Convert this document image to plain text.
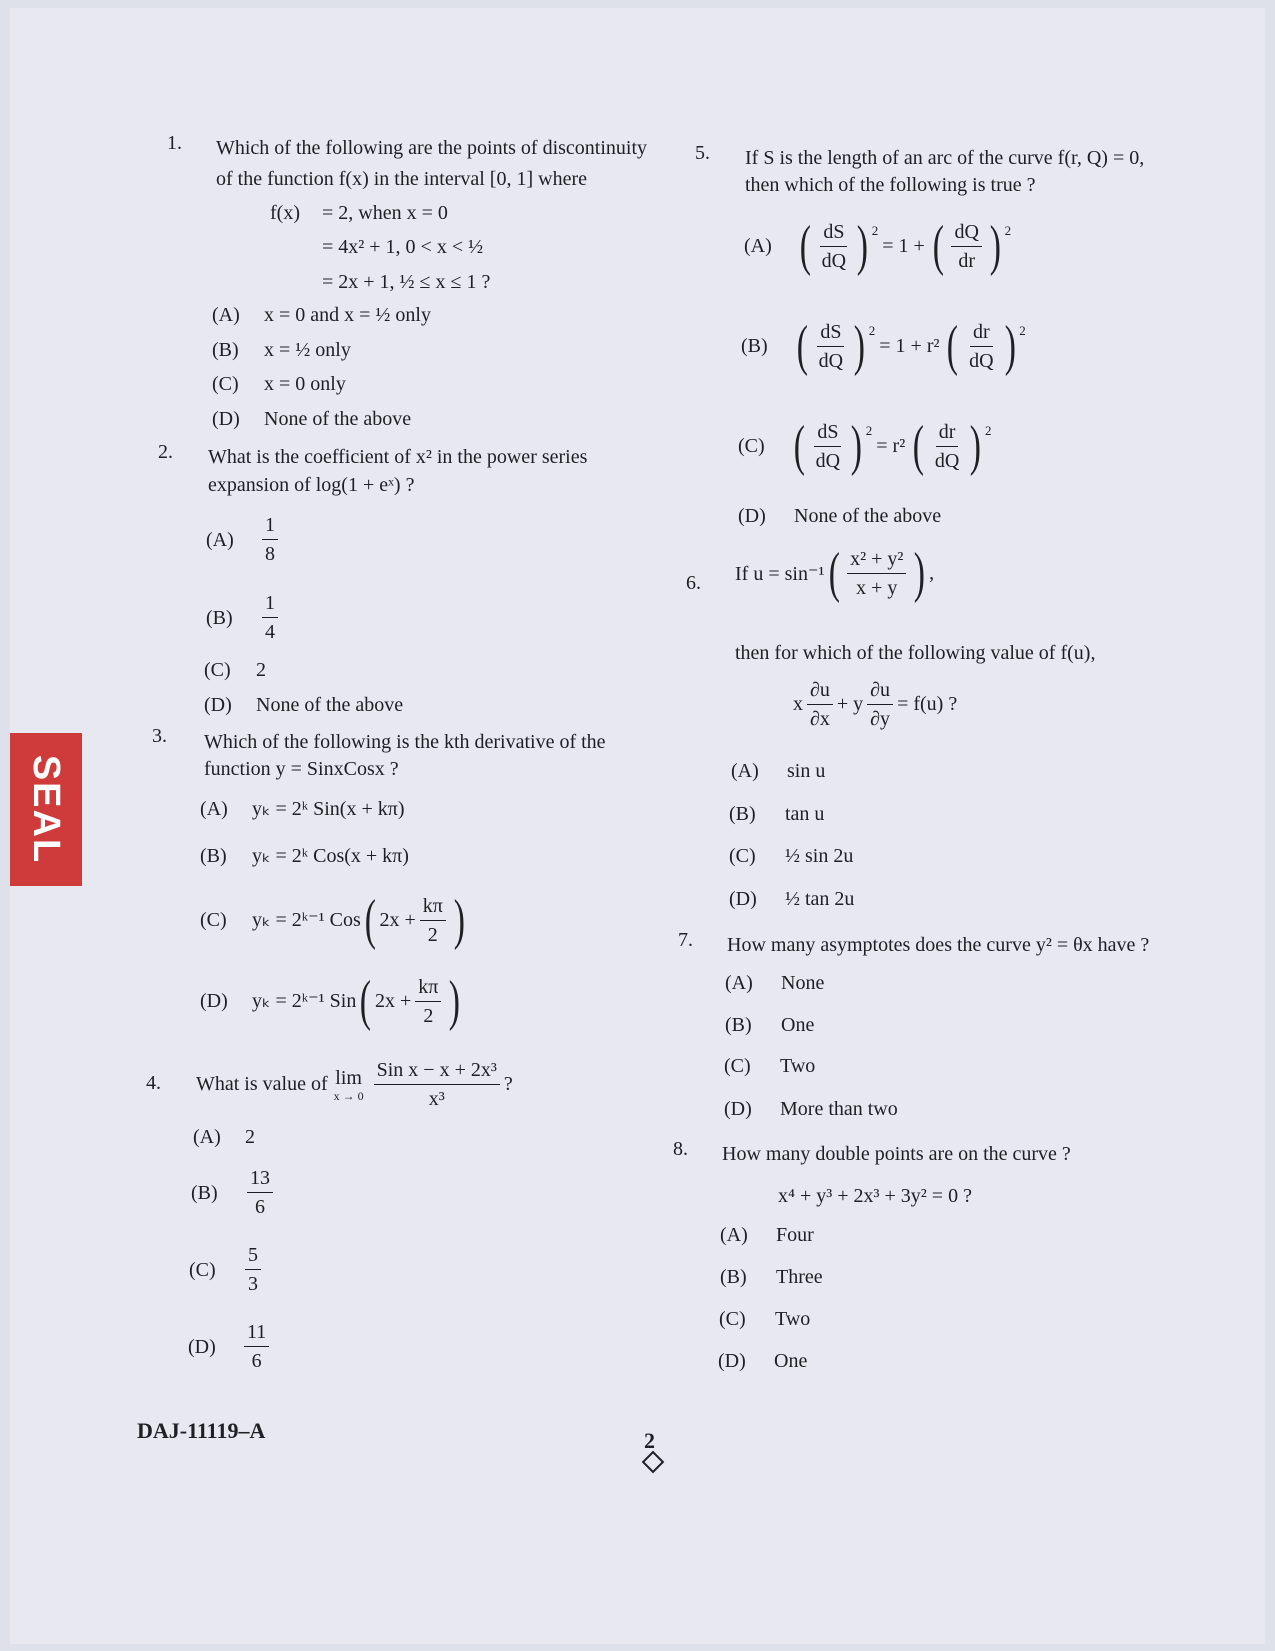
SEAL
1. Which of the following are the points of discontinuity
of the function f(x) in the interval [0, 1] where
f(x) = 2, when x = 0
= 4x² + 1, 0 < x < ½
= 2x + 1, ½ ≤ x ≤ 1 ?
(A) x = 0 and x = ½ only
(B) x = ½ only
(C) x = 0 only
(D) None of the above
2. What is the coefficient of x² in the power series
expansion of log(1 + eˣ) ?
(A)	$\frac{1}{8}$
(B)	$\frac{1}{4}$
(C) 2
(D) None of the above
3. Which of the following is the kth derivative of the
function y = SinxCosx ?
(A) yₖ = 2ᵏ Sin(x + kπ)
(B) yₖ = 2ᵏ Cos(x + kπ)
(C)	yₖ = 2ᵏ⁻¹ Cos ( $2x + \frac{k\pi}{2}$ )
(D)	yₖ = 2ᵏ⁻¹ Sin ( $2x + \frac{k\pi}{2}$ )
4. What is value of lim
$x \to 0 \frac{\text{Sin x − x + 2x³}}{\text{x³}}$ ?
(A) 2
(B)	$\frac{13}{6}$
(C)	$\frac{5}{3}$
(D)	$\frac{11}{6}$
5. If S is the length of an arc of the curve f(r, Q) = 0,
then which of the following is true ?
(A) ( $\frac{dS}{dQ}$ ) 2
= 1 + ( $\frac{dQ}{dr}$ ) 2
(B) ( $\frac{dS}{dQ}$ ) 2
= 1 + r² ( $\frac{dr}{dQ}$ ) 2
(C) ( $\frac{dS}{dQ}$ ) 2
= r² ( $\frac{dr}{dQ}$ ) 2
(D) None of the above
6. If u = sin⁻¹ ( $\frac{\text{x² + y²}}{x + y}$ ) ,
then for which of the following value of f(u),
x $\frac{\partial u}{\partial x} + y \frac{\partial u}{\partial y} = f(u)$ ?
(A) sin u
(B) tan u
(C) ½ sin 2u
(D) ½ tan 2u
7. How many asymptotes does the curve y² = θx have ?
(A) None
(B) One
(C) Two
(D) More than two
8. How many double points are on the curve ?
x⁴ + y³ + 2x³ + 3y² = 0 ?
(A) Four
(B) Three
(C) Two
(D) One
DAJ-11119–A	2
